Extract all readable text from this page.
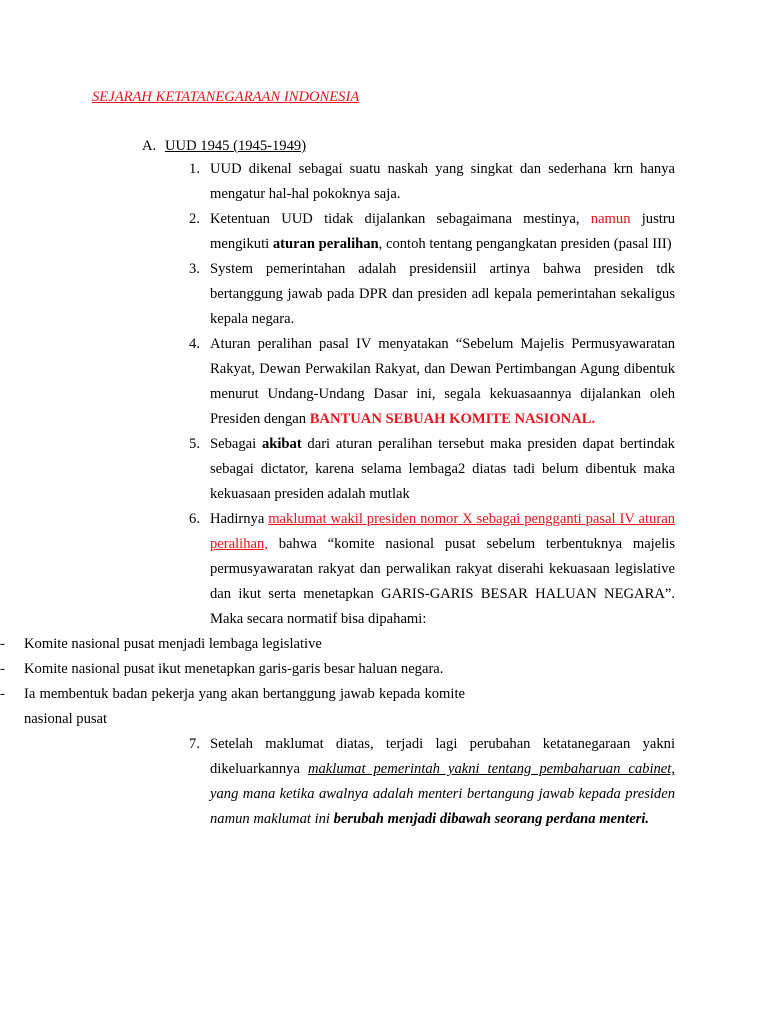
SEJARAH KETATANEGARAAN INDONESIA
A. UUD 1945 (1945-1949)
1. UUD dikenal sebagai suatu naskah yang singkat dan sederhana krn hanya mengatur hal-hal pokoknya saja.
2. Ketentuan UUD tidak dijalankan sebagaimana mestinya, namun justru mengikuti aturan peralihan, contoh tentang pengangkatan presiden (pasal III)
3. System pemerintahan adalah presidensiil artinya bahwa presiden tdk bertanggung jawab pada DPR dan presiden adl kepala pemerintahan sekaligus kepala negara.
4. Aturan peralihan pasal IV menyatakan “Sebelum Majelis Permusyawaratan Rakyat, Dewan Perwakilan Rakyat, dan Dewan Pertimbangan Agung dibentuk menurut Undang-Undang Dasar ini, segala kekuasaannya dijalankan oleh Presiden dengan BANTUAN SEBUAH KOMITE NASIONAL.
5. Sebagai akibat dari aturan peralihan tersebut maka presiden dapat bertindak sebagai dictator, karena selama lembaga2 diatas tadi belum dibentuk maka kekuasaan presiden adalah mutlak
6. Hadirnya maklumat wakil presiden nomor X sebagai pengganti pasal IV aturan peralihan, bahwa “komite nasional pusat sebelum terbentuknya majelis permusyawaratan rakyat dan perwalikan rakyat diserahi kekuasaan legislative dan ikut serta menetapkan GARIS-GARIS BESAR HALUAN NEGARA”. Maka secara normatif bisa dipahami:
-	Komite nasional pusat menjadi lembaga legislative
-	Komite nasional pusat ikut menetapkan garis-garis besar haluan negara.
-	Ia membentuk badan pekerja yang akan bertanggung jawab kepada komite nasional pusat
7. Setelah maklumat diatas, terjadi lagi perubahan ketatanegaraan yakni dikeluarkannya maklumat pemerintah yakni tentang pembaharuan cabinet, yang mana ketika awalnya adalah menteri bertangung jawab kepada presiden namun maklumat ini berubah menjadi dibawah seorang perdana menteri.
